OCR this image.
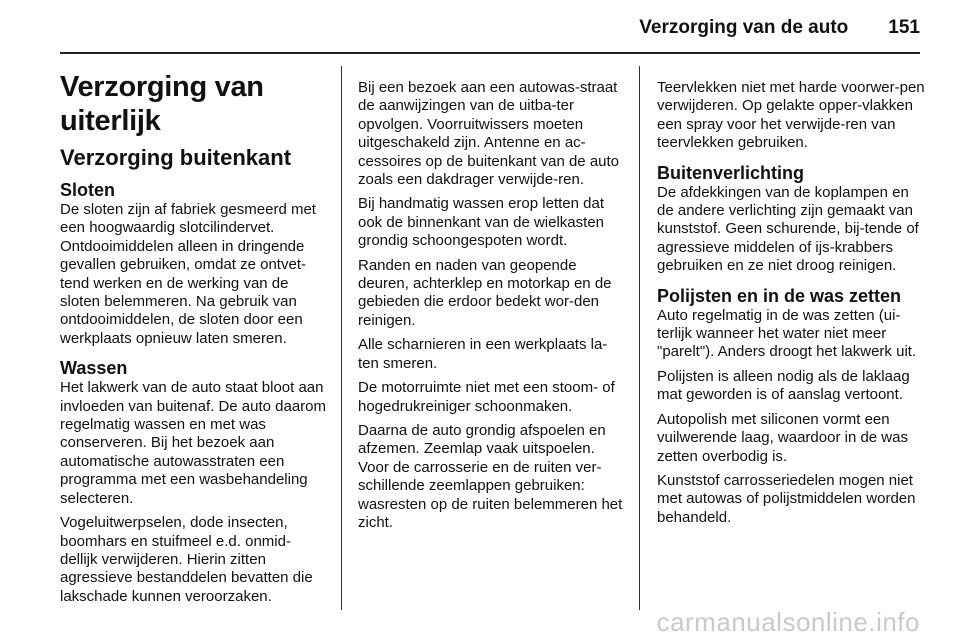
Verzorging van de auto 151
Verzorging van uiterlijk
Verzorging buitenkant
Sloten

De sloten zijn af fabriek gesmeerd met een hoogwaardig slotcilindervet. Ontdooimiddelen alleen in dringende gevallen gebruiken, omdat ze ontvet-tend werken en de werking van de sloten belemmeren. Na gebruik van ontdooimiddelen, de sloten door een werkplaats opnieuw laten smeren.

Wassen

Het lakwerk van de auto staat bloot aan invloeden van buitenaf. De auto daarom regelmatig wassen en met was conserveren. Bij het bezoek aan automatische autowasstraten een programma met een wasbehandeling selecteren.

Vogeluitwerpselen, dode insecten, boomhars en stuifmeel e.d. onmid-dellijk verwijderen. Hierin zitten agressieve bestanddelen bevatten die lakschade kunnen veroorzaken.

Bij een bezoek aan een autowas-straat de aanwijzingen van de uitba-ter opvolgen. Voorruitwissers moeten uitgeschakeld zijn. Antenne en ac-cessoires op de buitenkant van de auto zoals een dakdrager verwijde-ren.

Bij handmatig wassen erop letten dat ook de binnenkant van de wielkasten grondig schoongespoten wordt.

Randen en naden van geopende deuren, achterklep en motorkap en de gebieden die erdoor bedekt wor-den reinigen.

Alle scharnieren in een werkplaats la-ten smeren.

De motorruimte niet met een stoom- of hogedrukreiniger schoonmaken.

Daarna de auto grondig afspoelen en afzemen. Zeemlap vaak uitspoelen. Voor de carrosserie en de ruiten ver-schillende zeemlappen gebruiken: wasresten op de ruiten belemmeren het zicht.

Teervlekken niet met harde voorwer-pen verwijderen. Op gelakte opper-vlakken een spray voor het verwijde-ren van teervlekken gebruiken.

Buitenverlichting

De afdekkingen van de koplampen en de andere verlichting zijn gemaakt van kunststof. Geen schurende, bij-tende of agressieve middelen of ijs-krabbers gebruiken en ze niet droog reinigen.

Polijsten en in de was zetten

Auto regelmatig in de was zetten (ui-terlijk wanneer het water niet meer "parelt"). Anders droogt het lakwerk uit.

Polijsten is alleen nodig als de laklaag mat geworden is of aanslag vertoont.

Autopolish met siliconen vormt een vuilwerende laag, waardoor in de was zetten overbodig is.

Kunststof carrosseriedelen mogen niet met autowas of polijstmiddelen worden behandeld.

carmanualsonline.info
